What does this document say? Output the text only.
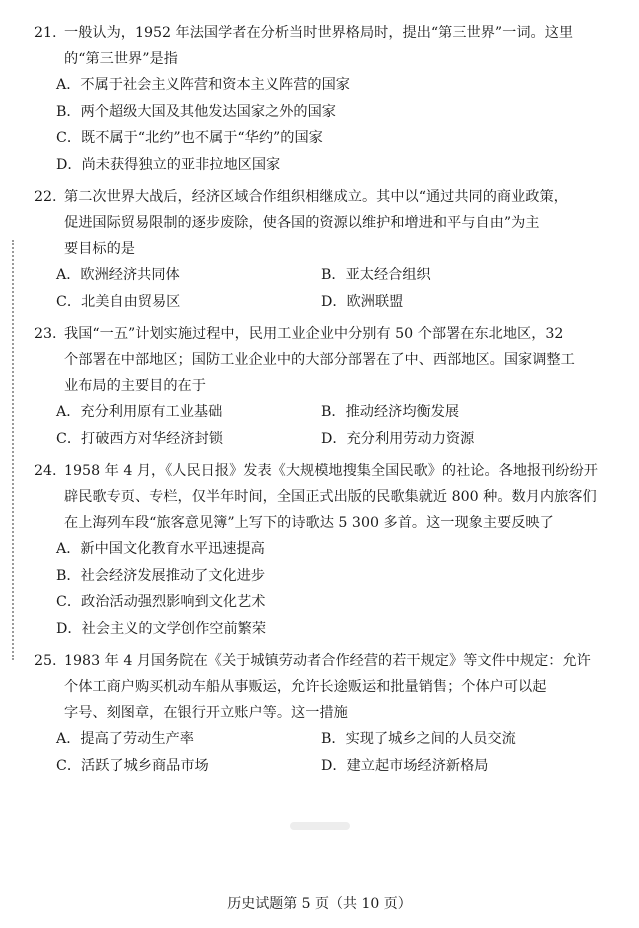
21. 一般认为，1952 年法国学者在分析当时世界格局时，提出“第三世界”一词。这里
的“第三世界”是指
A．不属于社会主义阵营和资本主义阵营的国家
B．两个超级大国及其他发达国家之外的国家
C．既不属于“北约”也不属于“华约”的国家
D．尚未获得独立的亚非拉地区国家
22. 第二次世界大战后，经济区域合作组织相继成立。其中以“通过共同的商业政策，
促进国际贸易限制的逐步废除，使各国的资源以维护和增进和平与自由”为主
要目标的是
A．欧洲经济共同体	B．亚太经合组织
C．北美自由贸易区	D．欧洲联盟
23. 我国“一五”计划实施过程中，民用工业企业中分别有 50 个部署在东北地区，32
个部署在中部地区；国防工业企业中的大部分部署在了中、西部地区。国家调整工
业布局的主要目的在于
A．充分利用原有工业基础	B．推动经济均衡发展
C．打破西方对华经济封锁	D．充分利用劳动力资源
24. 1958 年 4 月，《人民日报》发表《大规模地搜集全国民歌》的社论。各地报刊纷纷开
辟民歌专页、专栏，仅半年时间，全国正式出版的民歌集就近 800 种。数月内旅客们
在上海列车段“旅客意见簿”上写下的诗歌达 5 300 多首。这一现象主要反映了
A．新中国文化教育水平迅速提高
B．社会经济发展推动了文化进步
C．政治活动强烈影响到文化艺术
D．社会主义的文学创作空前繁荣
25. 1983 年 4 月国务院在《关于城镇劳动者合作经营的若干规定》等文件中规定：允许
个体工商户购买机动车船从事贩运，允许长途贩运和批量销售；个体户可以起
字号、刻图章，在银行开立账户等。这一措施
A．提高了劳动生产率	B．实现了城乡之间的人员交流
C．活跃了城乡商品市场	D．建立起市场经济新格局
历史试题第 5 页（共 10 页）
